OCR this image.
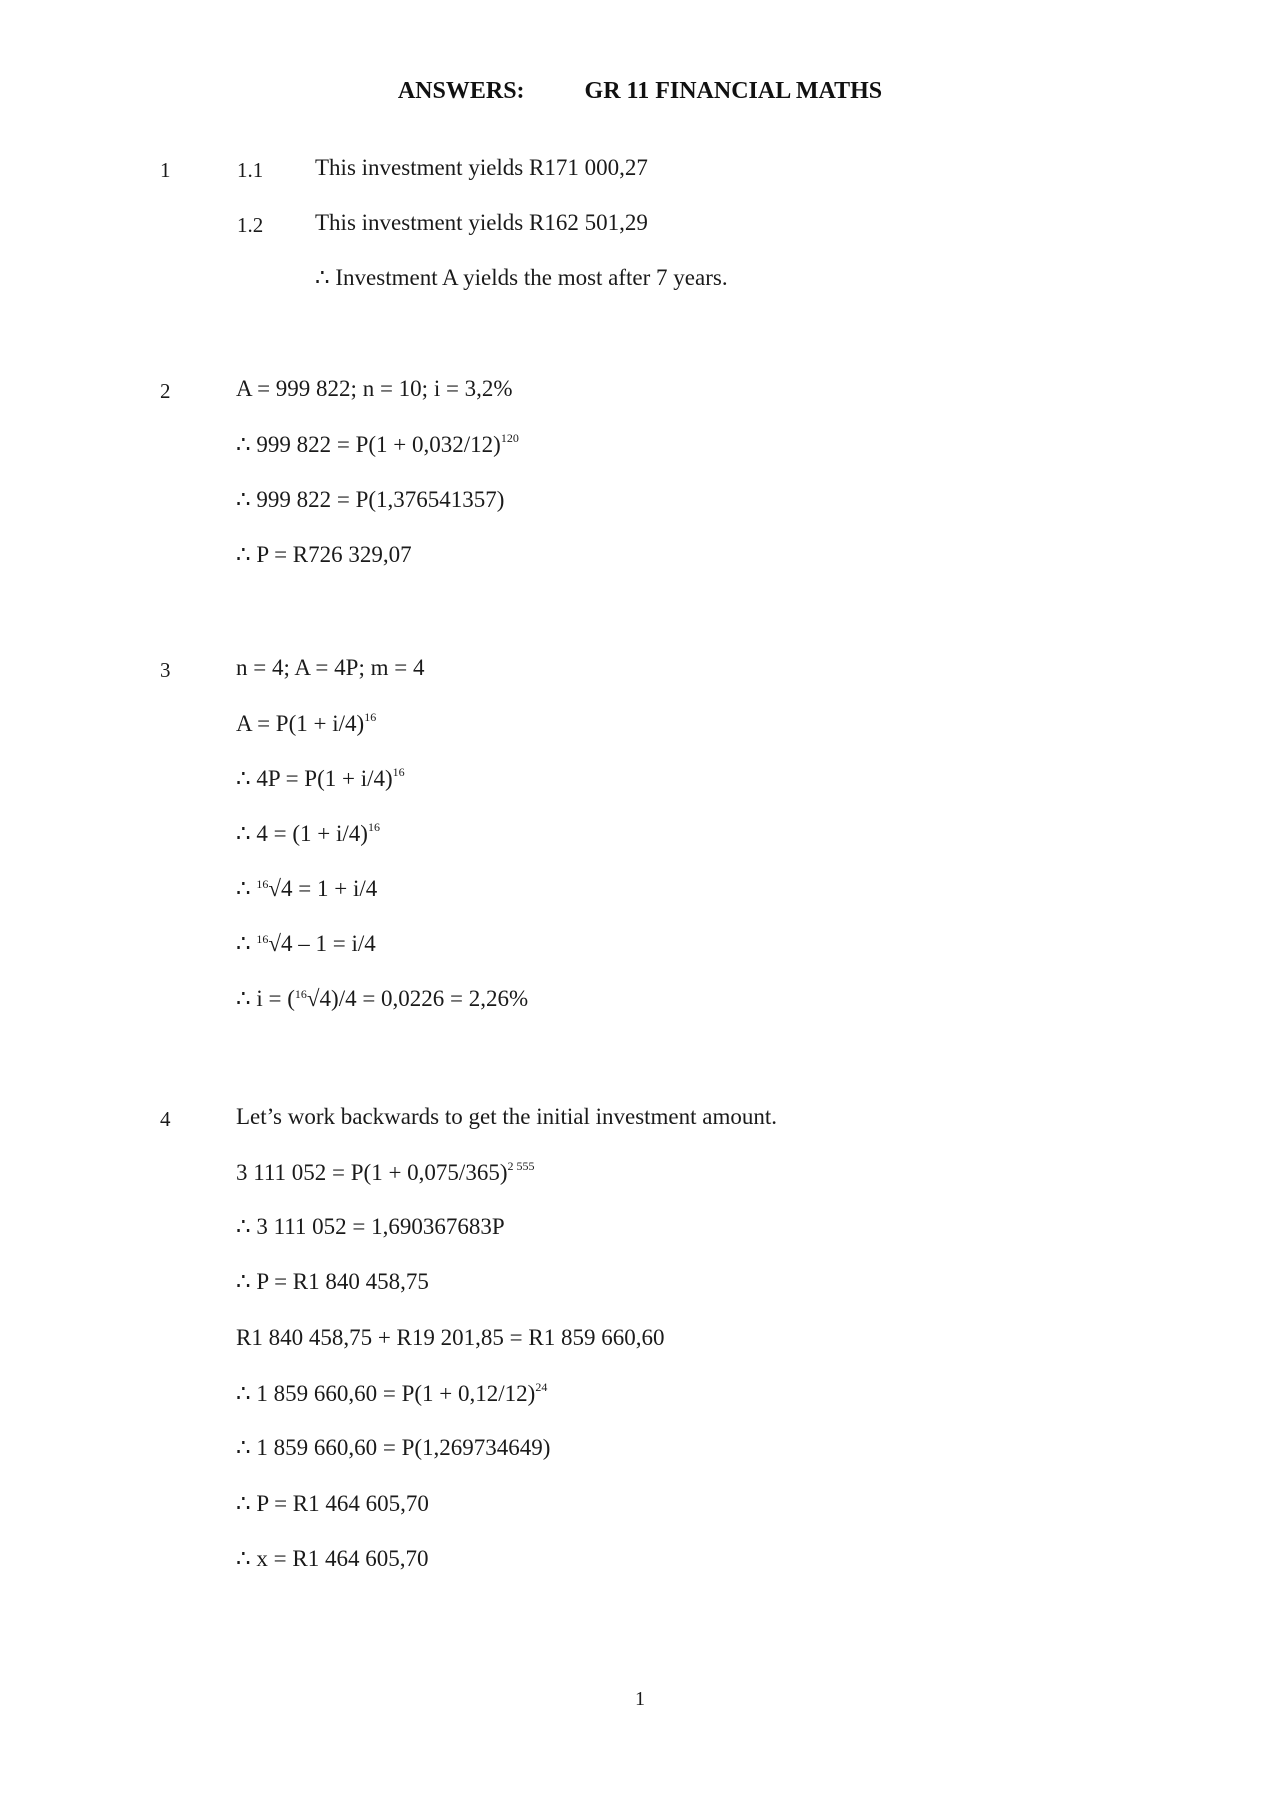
ANSWERS:	GR 11 FINANCIAL MATHS
1	1.1 This investment yields R171 000,27
1.2 This investment yields R162 501,29
∴ Investment A yields the most after 7 years.
2	A = 999 822; n = 10; i = 3,2%
∴ 999 $822 = P(1 + 0,032/12)^{120}$
∴ 999 822 = P(1,376541357)
∴ P = R726 329,07
3	n = 4; A = 4P; m = 4
$A = P(1 + i/4)^{16}$
∴ $4P = P(1 + i/4)^{16}$
∴ $4 = (1 + i/4)^{16}$
∴ $^{16}$√4 = 1 + i/4
∴ $^{16}$√4 – 1 = i/4
∴ i = ($^{16}$√4)/4 = 0,0226 = 2,26%
4	Let’s work backwards to get the initial investment amount.
3 111 $052 = P(1 + 0,075/365)^{2 555}$
∴ 3 111 052 = 1,690367683P
∴ P = R1 840 458,75
R1 840 458,75 + R19 201,85 = R1 859 660,60
∴ 1 859 $660,60 = P(1 + 0,12/12)^{24}$
∴ 1 859 660,60 = P(1,269734649)
∴ P = R1 464 605,70
∴ x = R1 464 605,70
1
